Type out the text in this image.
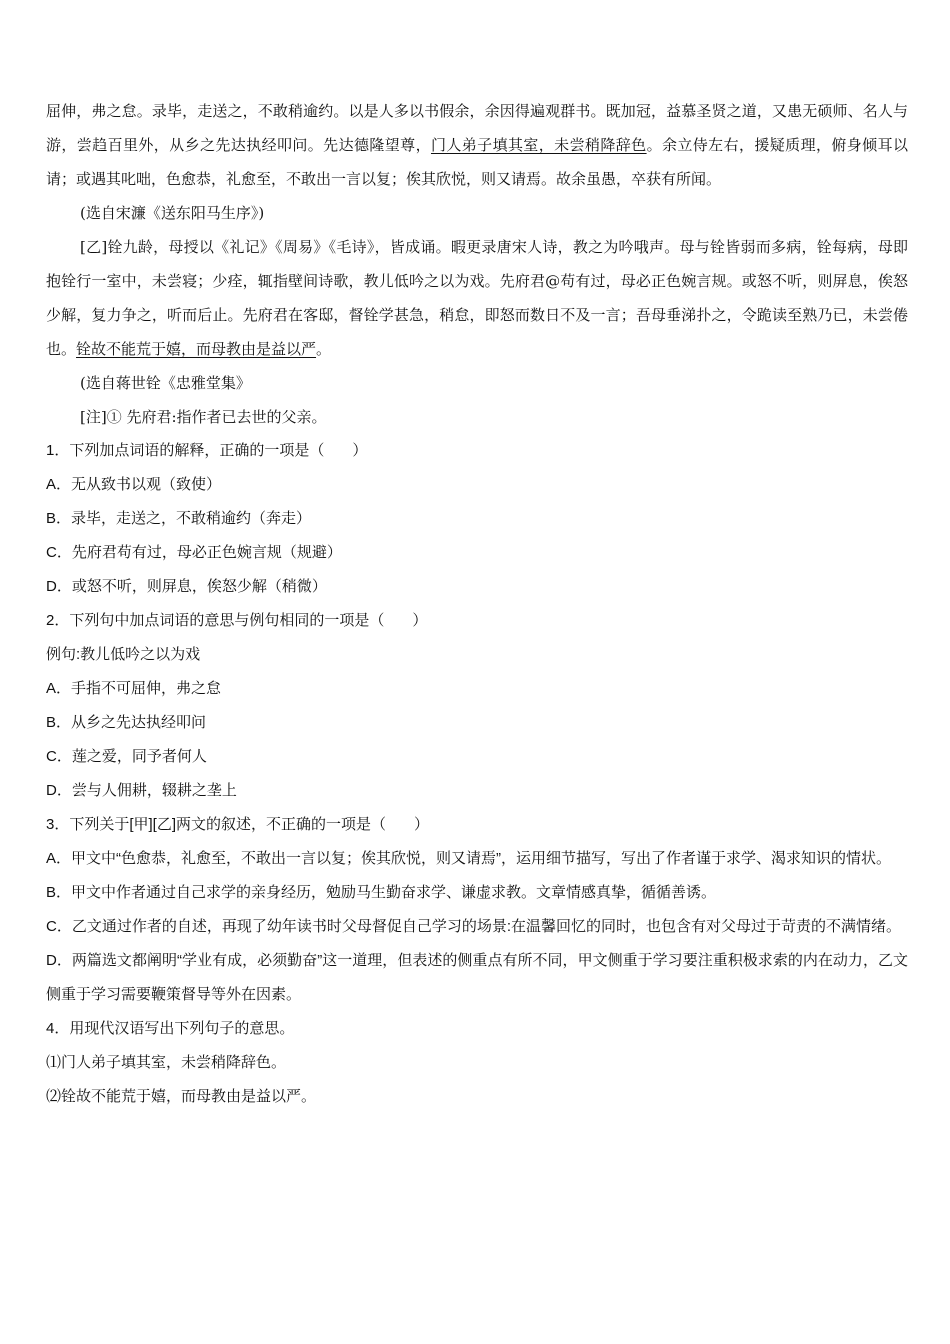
屈伸，弗之怠。录毕，走送之，不敢稍逾约。以是人多以书假余，余因得遍观群书。既加冠，益慕圣贤之道，又患无硕师、名人与游，尝趋百里外，从乡之先达执经叩问。先达德隆望尊，门人弟子填其室，未尝稍降辞色。余立侍左右，援疑质理，俯身倾耳以请；或遇其叱咄，色愈恭，礼愈至，不敢出一言以复；俟其欣悦，则又请焉。故余虽愚，卒获有所闻。

(选自宋濂《送东阳马生序》)

[乙]铨九龄，母授以《礼记》《周易》《毛诗》，皆成诵。暇更录唐宋人诗，教之为吟哦声。母与铨皆弱而多病，铨每病，母即抱铨行一室中，未尝寝；少痊，辄指壁间诗歌，教儿低吟之以为戏。先府君@苟有过，母必正色婉言规。或怒不听，则屏息，俟怒少解，复力争之，听而后止。先府君在客邸，督铨学甚急，稍怠，即怒而数日不及一言；吾母垂涕扑之，令跪读至熟乃已，未尝倦也。铨故不能荒于嬉，而母教由是益以严。

(选自蒋世铨《忠雅堂集》

[注]① 先府君:指作者已去世的父亲。

1．下列加点词语的解释，正确的一项是（ ）

A．无从致书以观（致使）

B．录毕，走送之，不敢稍逾约（奔走）

C．先府君苟有过，母必正色婉言规（规避）

D．或怒不听，则屏息，俟怒少解（稍微）

2．下列句中加点词语的意思与例句相同的一项是（ ）

例句:教儿低吟之以为戏

A．手指不可屈伸，弗之怠

B．从乡之先达执经叩问

C．莲之爱，同予者何人

D．尝与人佣耕，辍耕之垄上

3．下列关于[甲][乙]两文的叙述，不正确的一项是（ ）

A．甲文中“色愈恭，礼愈至，不敢出一言以复；俟其欣悦，则又请焉”，运用细节描写，写出了作者谨于求学、渴求知识的情状。

B．甲文中作者通过自己求学的亲身经历，勉励马生勤奋求学、谦虚求教。文章情感真挚，循循善诱。

C．乙文通过作者的自述，再现了幼年读书时父母督促自己学习的场景:在温馨回忆的同时，也包含有对父母过于苛责的不满情绪。

D．两篇选文都阐明“学业有成，必须勤奋”这一道理，但表述的侧重点有所不同，甲文侧重于学习要注重积极求索的内在动力，乙文侧重于学习需要鞭策督导等外在因素。

4．用现代汉语写出下列句子的意思。

⑴门人弟子填其室，未尝稍降辞色。

⑵铨故不能荒于嬉，而母教由是益以严。
